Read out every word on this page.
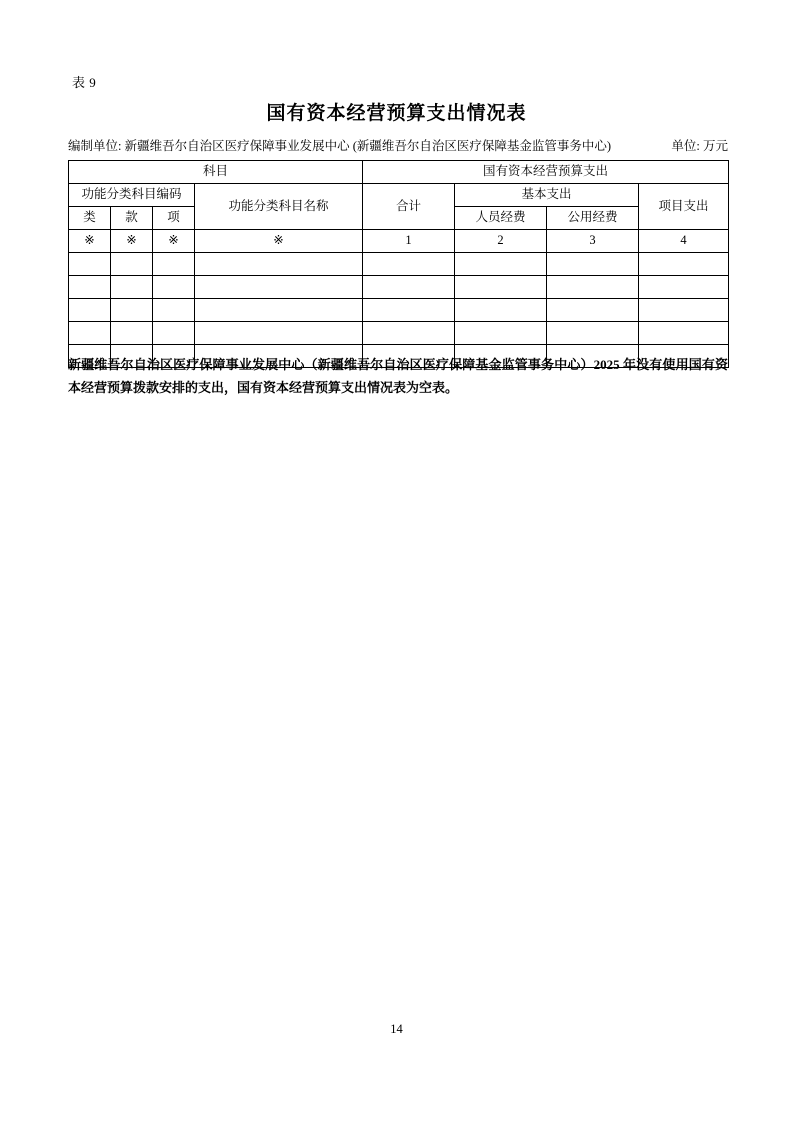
表 9
国有资本经营预算支出情况表
编制单位: 新疆维吾尔自治区医疗保障事业发展中心 (新疆维吾尔自治区医疗保障基金监管事务中心)	单位: 万元
科目				国有资本经营预算支出			
功能分类科目编码			功能分类科目名称	合计	基本支出		项目支出
类	款	项			人员经费	公用经费	
※	※	※	※	1	2	3	4

新疆维吾尔自治区医疗保障事业发展中心（新疆维吾尔自治区医疗保障基金监管事务中心）2025 年没有使用国有资本经营预算拨款安排的支出，国有资本经营预算支出情况表为空表。
14
